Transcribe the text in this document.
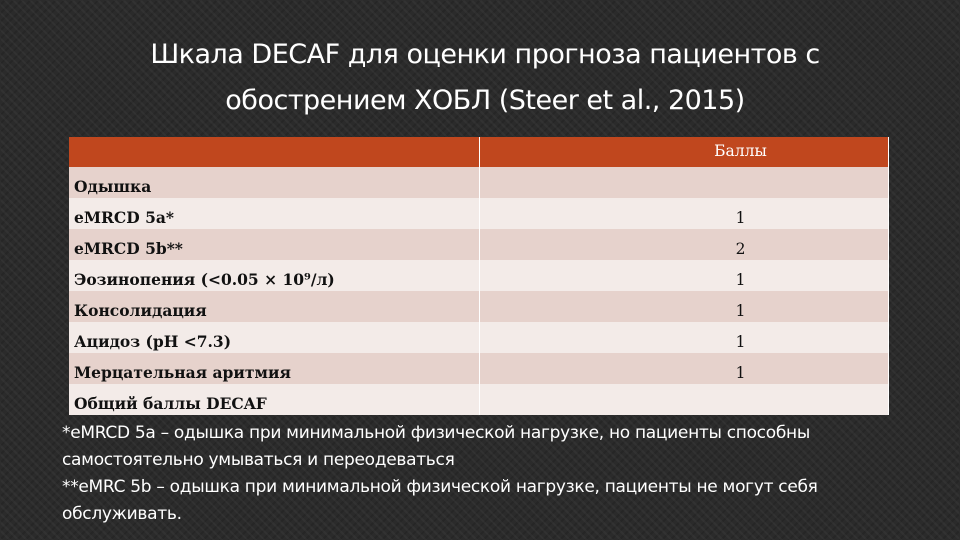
Шкала DECAF для оценки прогноза пациентов с
обострением ХОБЛ (Steer et al., 2015)
	Баллы
Одышка	
eMRCD 5a*	1
eMRCD 5b**	2
Эозинопения (<0.05 × 10⁹/л)	1
Консолидация	1
Ацидоз (pH <7.3)	1
Мерцательная аритмия	1
Общий баллы DECAF	
*eMRCD 5a – одышка при минимальной физической нагрузке, но пациенты способны
самостоятельно умываться и переодеваться
**eMRC 5b – одышка при минимальной физической нагрузке, пациенты не могут себя
обслуживать.
